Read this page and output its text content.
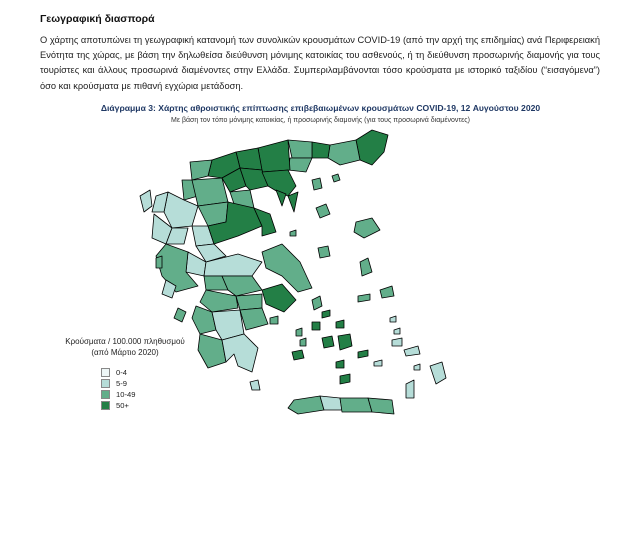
Γεωγραφική διασπορά
Ο χάρτης αποτυπώνει τη γεωγραφική κατανομή των συνολικών κρουσμάτων COVID-19 (από την αρχή της επιδημίας) ανά Περιφερειακή Ενότητα της χώρας, με βάση την δηλωθείσα διεύθυνση μόνιμης κατοικίας του ασθενούς, ή τη διεύθυνση προσωρινής διαμονής για τους τουρίστες και άλλους προσωρινά διαμένοντες στην Ελλάδα. Συμπεριλαμβάνονται τόσο κρούσματα με ιστορικό ταξιδίου (“εισαγόμενα”) όσο και κρούσματα με πιθανή εγχώρια μετάδοση.
Διάγραμμα 3: Χάρτης αθροιστικής επίπτωσης επιβεβαιωμένων κρουσμάτων COVID-19, 12 Αυγούστου 2020
Με βάση τον τόπο μόνιμης κατοικίας, ή προσωρινής διαμονής (για τους προσωρινά διαμένοντες)
Κρούσματα / 100.000 πληθυσμού
(από Μάρτιο 2020)
0-4
5-9
10-49
50+
